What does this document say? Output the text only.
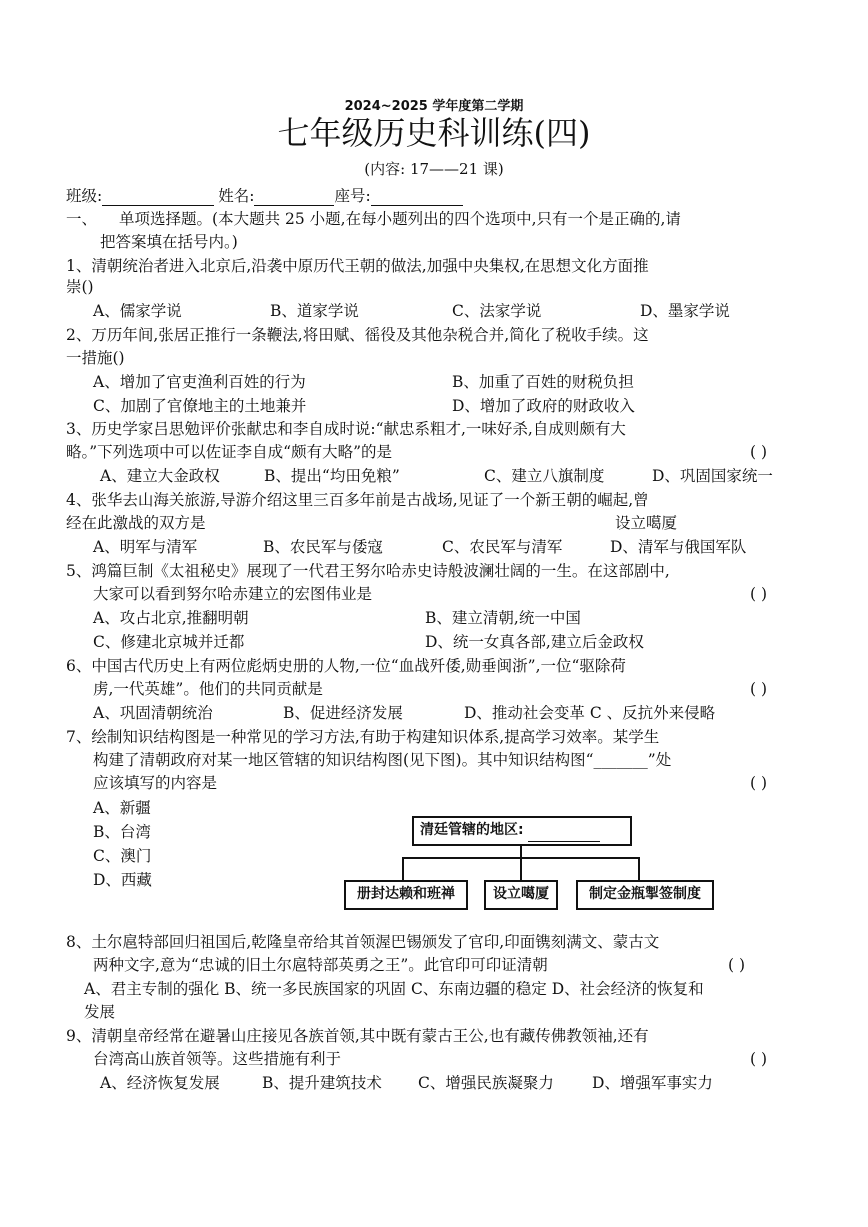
2024~2025 学年度第二学期
七年级历史科训练(四)
(内容: 17——21 课)
班级:	姓名:	座号:
一、 单项选择题。(本大题共 25 小题,在每小题列出的四个选项中,只有一个是正确的,请
把答案填在括号内。)
1、清朝统治者进入北京后,沿袭中原历代王朝的做法,加强中央集权,在思想文化方面推
崇()
A、儒家学说	B、道家学说	C、法家学说	D、墨家学说
2、万历年间,张居正推行一条鞭法,将田赋、徭役及其他杂税合并,简化了税收手续。这
一措施()
A、增加了官吏渔利百姓的行为	B、加重了百姓的财税负担
C、加剧了官僚地主的土地兼并	D、增加了政府的财政收入
3、历史学家吕思勉评价张献忠和李自成时说:“献忠系粗才,一味好杀,自成则颇有大
略。”下列选项中可以佐证李自成“颇有大略”的是	( )
A、建立大金政权	B、提出“均田免粮”	C、建立八旗制度	D、巩固国家统一
4、张华去山海关旅游,导游介绍这里三百多年前是古战场,见证了一个新王朝的崛起,曾
经在此激战的双方是	设立噶厦
A、明军与清军	B、农民军与倭寇	C、农民军与清军	D、清军与俄国军队
5、鸿篇巨制《太祖秘史》展现了一代君王努尔哈赤史诗般波澜壮阔的一生。在这部剧中,
大家可以看到努尔哈赤建立的宏图伟业是	( )
A、攻占北京,推翻明朝	B、建立清朝,统一中国
C、修建北京城并迁都	D、统一女真各部,建立后金政权
6、中国古代历史上有两位彪炳史册的人物,一位“血战歼倭,勋垂闽浙”,一位“驱除荷
虏,一代英雄”。他们的共同贡献是	( )
A、巩固清朝统治	B、促进经济发展	D、推动社会变革 C 、反抗外来侵略
7、绘制知识结构图是一种常见的学习方法,有助于构建知识体系,提高学习效率。某学生
构建了清朝政府对某一地区管辖的知识结构图(见下图)。其中知识结构图“_______”处
应该填写的内容是	( )
A、新疆
B、台湾
C、澳门
D、西藏
清廷管辖的地区:
册封达赖和班禅	设立噶厦	制定金瓶掣签制度
8、土尔扈特部回归祖国后,乾隆皇帝给其首领渥巴锡颁发了官印,印面镌刻满文、蒙古文
两种文字,意为“忠诚的旧土尔扈特部英勇之王”。此官印可印证清朝	( )
A、君主专制的强化 B、统一多民族国家的巩固 C、东南边疆的稳定 D、社会经济的恢复和
发展
9、清朝皇帝经常在避暑山庄接见各族首领,其中既有蒙古王公,也有藏传佛教领袖,还有
台湾高山族首领等。这些措施有利于	( )
A、经济恢复发展	B、提升建筑技术 C、增强民族凝聚力 D、增强军事实力
